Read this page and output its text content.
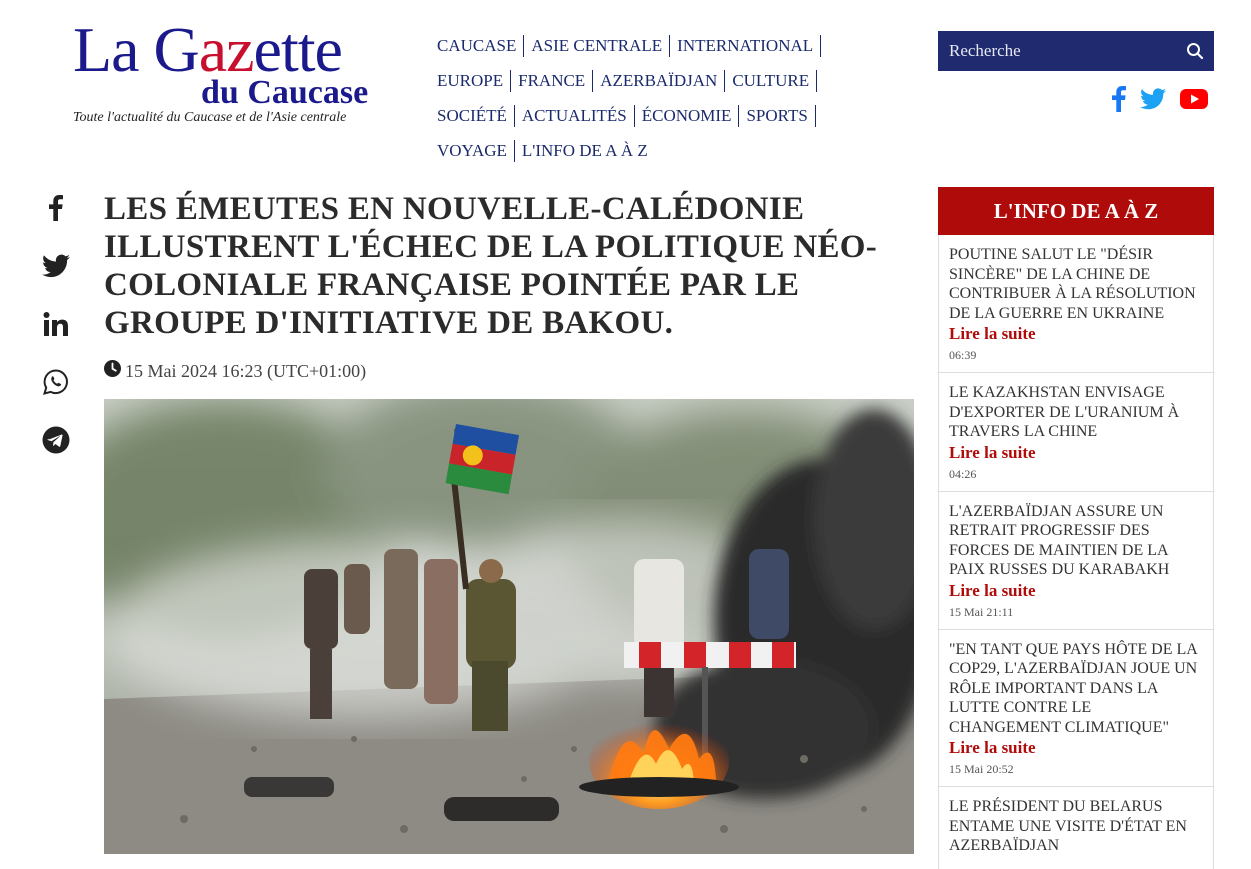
La Gazette
du Caucase
Toute l'actualité du Caucase et de l'Asie centrale
CAUCASE ASIE CENTRALE INTERNATIONAL
EUROPE FRANCE AZERBAÏDJAN CULTURE
SOCIÉTÉ ACTUALITÉS ÉCONOMIE SPORTS
VOYAGE L'INFO DE A À Z
Recherche
LES ÉMEUTES EN NOUVELLE-CALÉDONIE ILLUSTRENT L'ÉCHEC DE LA POLITIQUE NÉO-COLONIALE FRANÇAISE POINTÉE PAR LE GROUPE D'INITIATIVE DE BAKOU.
15 Mai 2024 16:23 (UTC+01:00)
L'INFO DE A À Z
POUTINE SALUT LE "DÉSIR SINCÈRE" DE LA CHINE DE CONTRIBUER À LA RÉSOLUTION DE LA GUERRE EN UKRAINE
Lire la suite
06:39
LE KAZAKHSTAN ENVISAGE D'EXPORTER DE L'URANIUM À TRAVERS LA CHINE
Lire la suite
04:26
L'AZERBAÏDJAN ASSURE UN RETRAIT PROGRESSIF DES FORCES DE MAINTIEN DE LA PAIX RUSSES DU KARABAKH
Lire la suite
15 Mai 21:11
"EN TANT QUE PAYS HÔTE DE LA COP29, L'AZERBAÏDJAN JOUE UN RÔLE IMPORTANT DANS LA LUTTE CONTRE LE CHANGEMENT CLIMATIQUE"
Lire la suite
15 Mai 20:52
LE PRÉSIDENT DU BELARUS ENTAME UNE VISITE D'ÉTAT EN AZERBAÏDJAN
